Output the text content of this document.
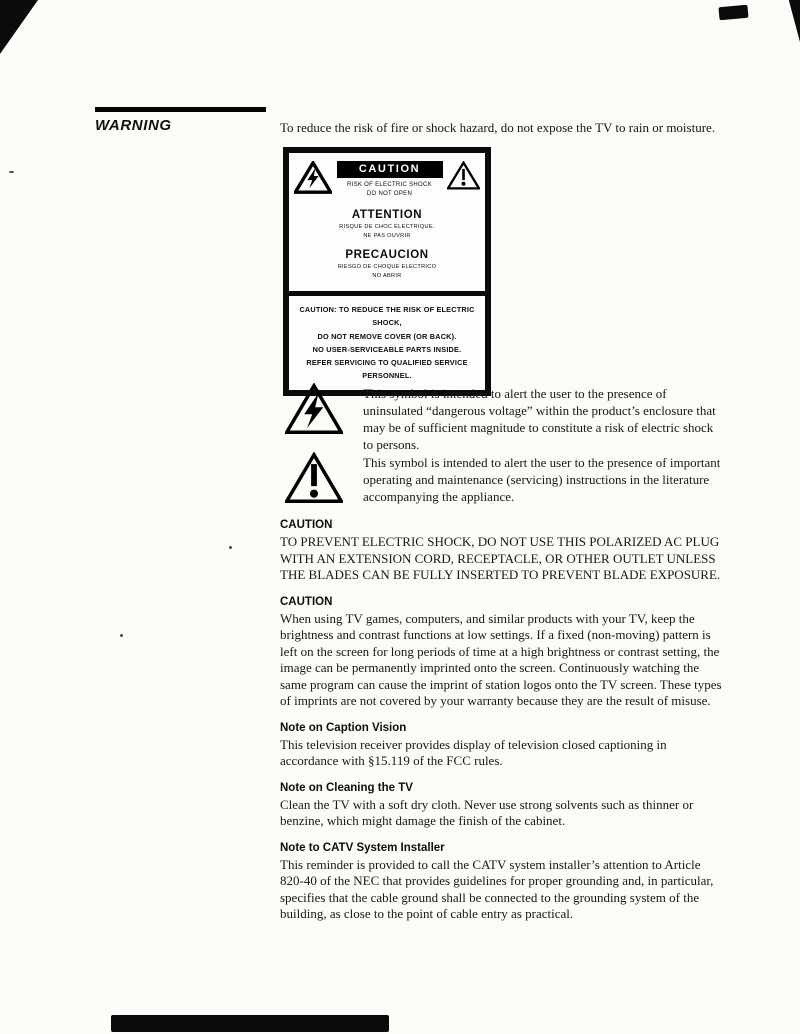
WARNING	To reduce the risk of fire or shock hazard, do not expose the TV to rain or moisture.

CAUTION
RISK OF ELECTRIC SHOCK
DO NOT OPEN
ATTENTION
RISQUE DE CHOC ELECTRIQUE.
NE PAS OUVRIR
PRECAUCION
RIESGO DE CHOQUE ELECTRICO
NO ABRIR
CAUTION: TO REDUCE THE RISK OF ELECTRIC SHOCK,
DO NOT REMOVE COVER (OR BACK).
NO USER-SERVICEABLE PARTS INSIDE.
REFER SERVICING TO QUALIFIED SERVICE PERSONNEL.

This symbol is intended to alert the user to the presence of uninsulated “dangerous voltage” within the product’s enclosure that may be of sufficient magnitude to constitute a risk of electric shock to persons.

This symbol is intended to alert the user to the presence of important operating and maintenance (servicing) instructions in the literature accompanying the appliance.

CAUTION

TO PREVENT ELECTRIC SHOCK, DO NOT USE THIS POLARIZED AC PLUG WITH AN EXTENSION CORD, RECEPTACLE, OR OTHER OUTLET UNLESS THE BLADES CAN BE FULLY INSERTED TO PREVENT BLADE EXPOSURE.

CAUTION

When using TV games, computers, and similar products with your TV, keep the brightness and contrast functions at low settings. If a fixed (non-moving) pattern is left on the screen for long periods of time at a high brightness or contrast setting, the image can be permanently imprinted onto the screen. Continuously watching the same program can cause the imprint of station logos onto the TV screen. These types of imprints are not covered by your warranty because they are the result of misuse.

Note on Caption Vision

This television receiver provides display of television closed captioning in accordance with §15.119 of the FCC rules.

Note on Cleaning the TV

Clean the TV with a soft dry cloth. Never use strong solvents such as thinner or benzine, which might damage the finish of the cabinet.

Note to CATV System Installer

This reminder is provided to call the CATV system installer’s attention to Article 820-40 of the NEC that provides guidelines for proper grounding and, in particular, specifies that the cable ground shall be connected to the grounding system of the building, as close to the point of cable entry as practical.
